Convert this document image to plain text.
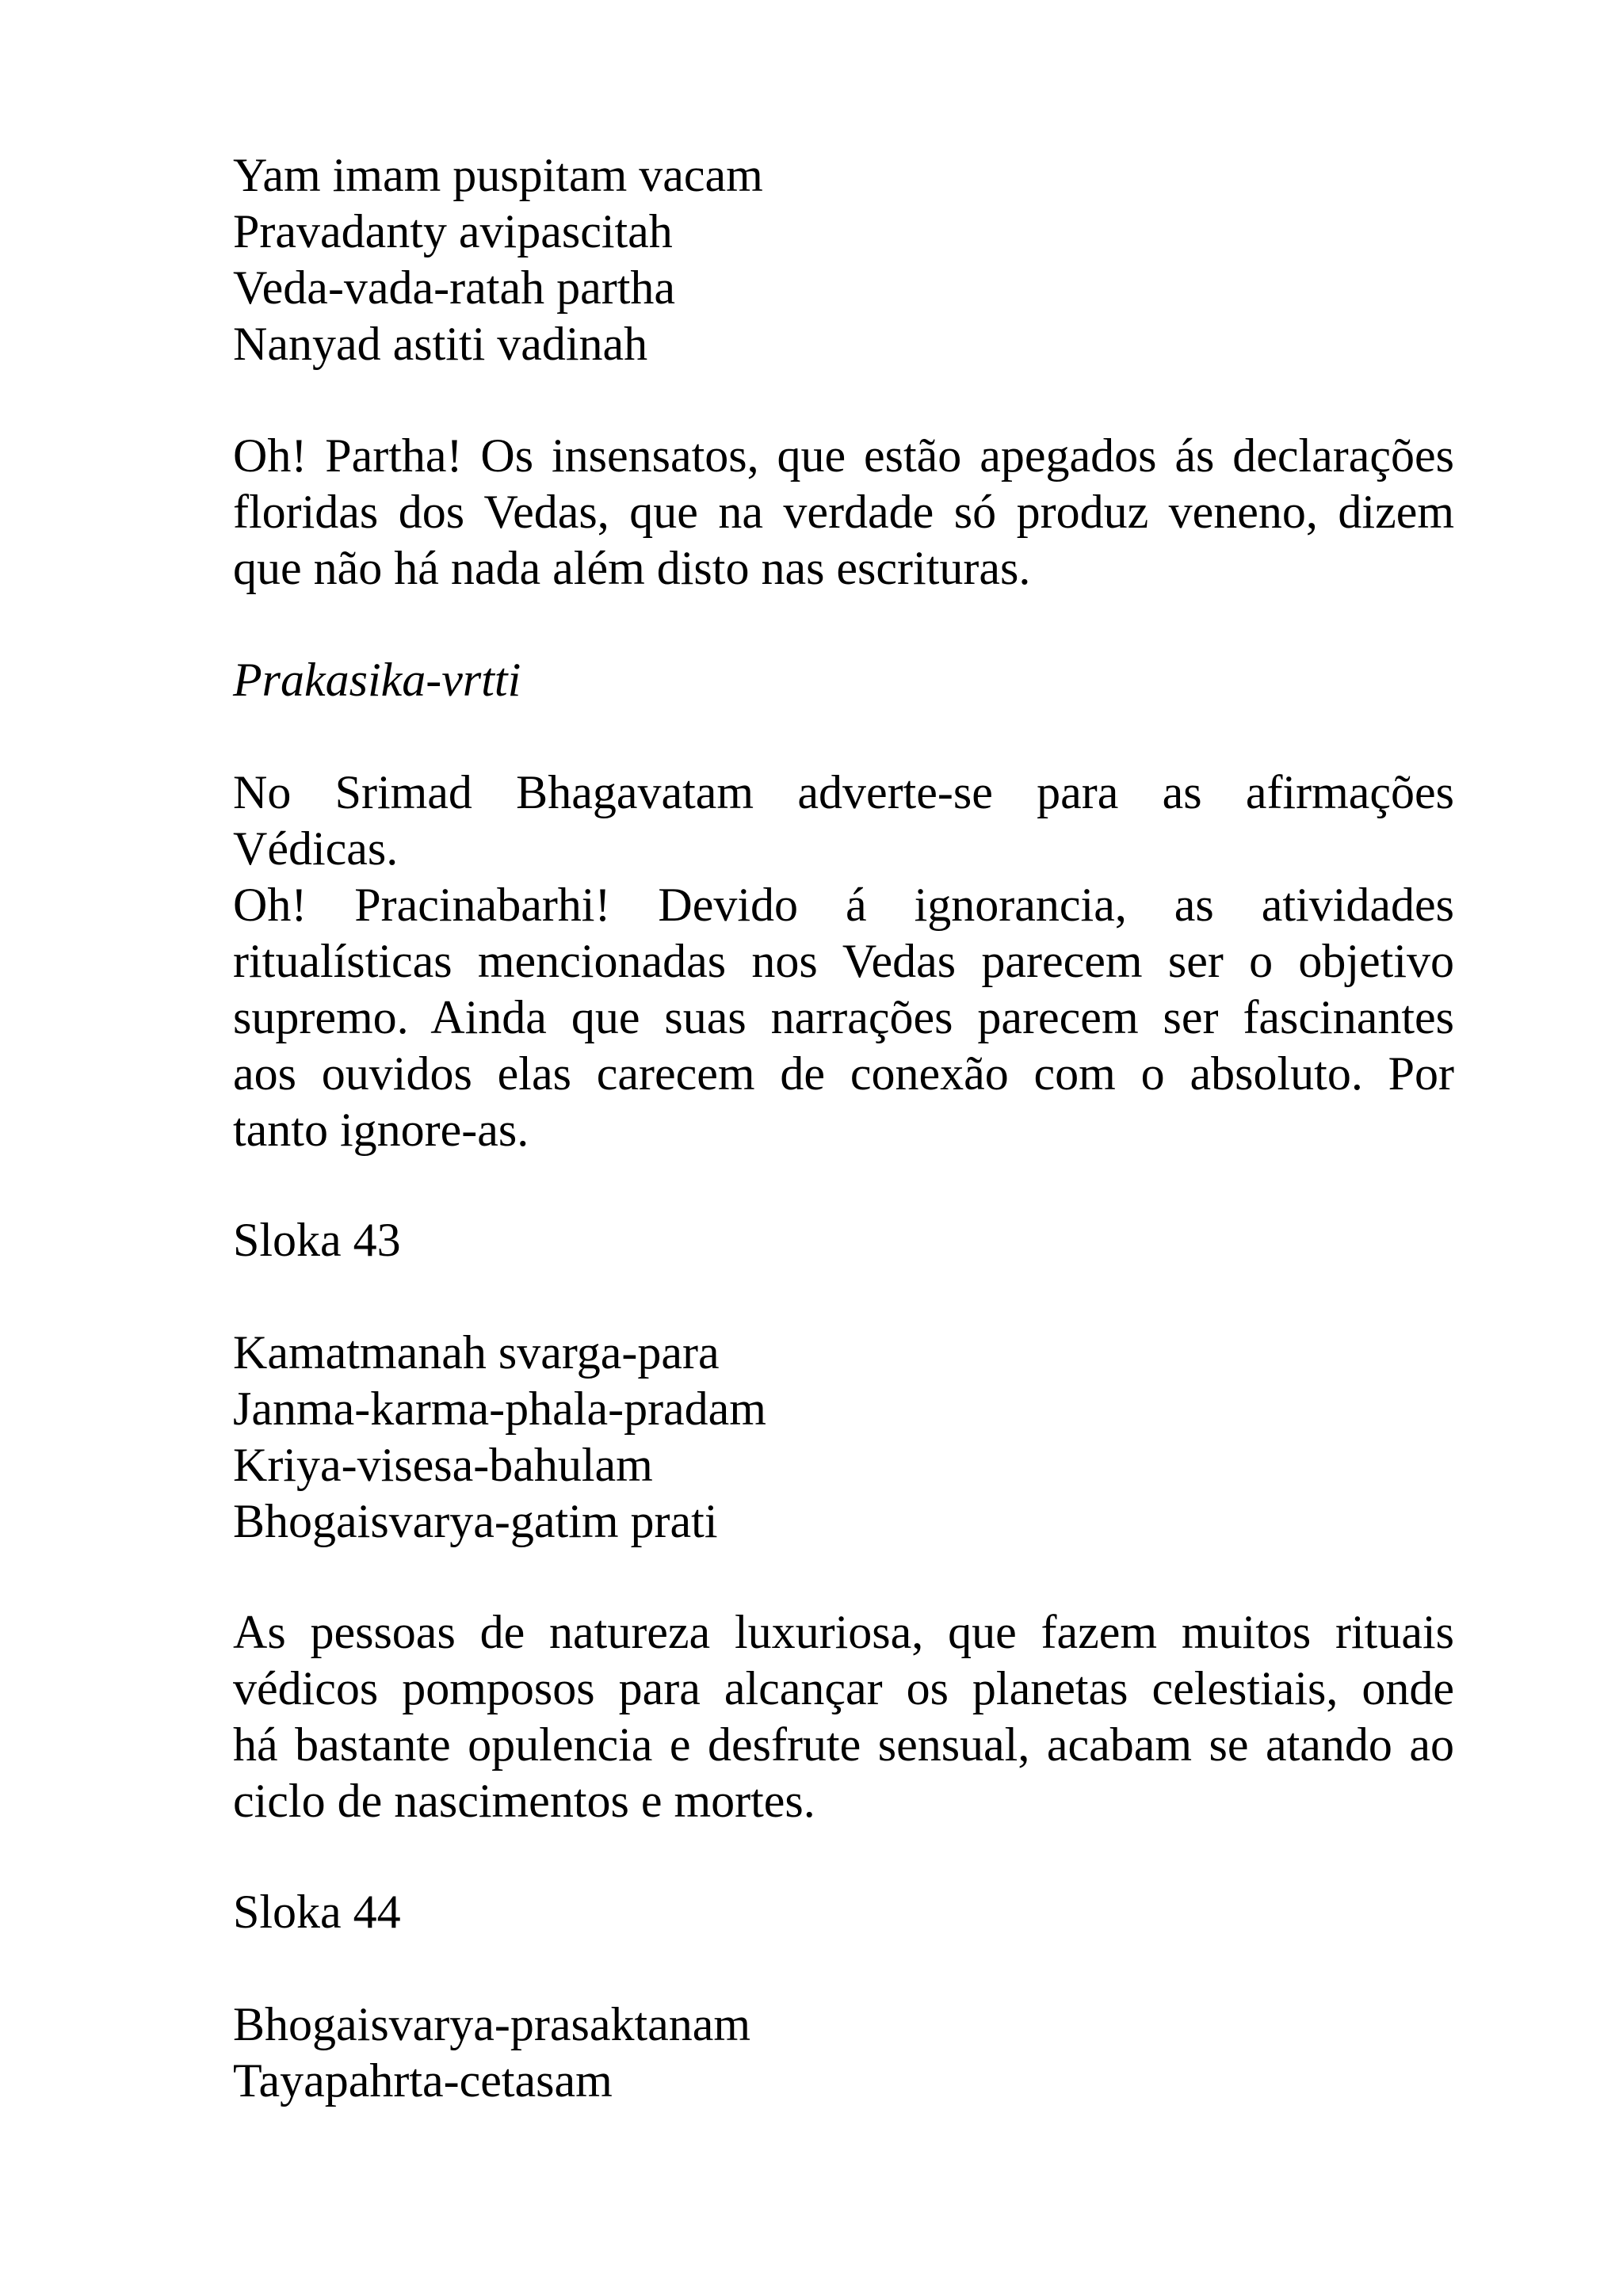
Yam imam puspitam vacam
Pravadanty avipascitah
Veda-vada-ratah partha
Nanyad astiti vadinah
Oh! Partha! Os insensatos, que estão apegados ás declarações
floridas dos Vedas, que na verdade só produz veneno, dizem
que não há nada além disto nas escrituras.
Prakasika-vrtti
No Srimad Bhagavatam adverte-se para as afirmações
Védicas.
Oh! Pracinabarhi! Devido á ignorancia, as atividades
ritualísticas mencionadas nos Vedas parecem ser o objetivo
supremo. Ainda que suas narrações parecem ser fascinantes
aos ouvidos elas carecem de conexão com o absoluto. Por
tanto ignore-as.
Sloka 43
Kamatmanah svarga-para
Janma-karma-phala-pradam
Kriya-visesa-bahulam
Bhogaisvarya-gatim prati
As pessoas de natureza luxuriosa, que fazem muitos rituais
védicos pomposos para alcançar os planetas celestiais, onde
há bastante opulencia e desfrute sensual, acabam se atando ao
ciclo de nascimentos e mortes.
Sloka 44
Bhogaisvarya-prasaktanam
Tayapahrta-cetasam
